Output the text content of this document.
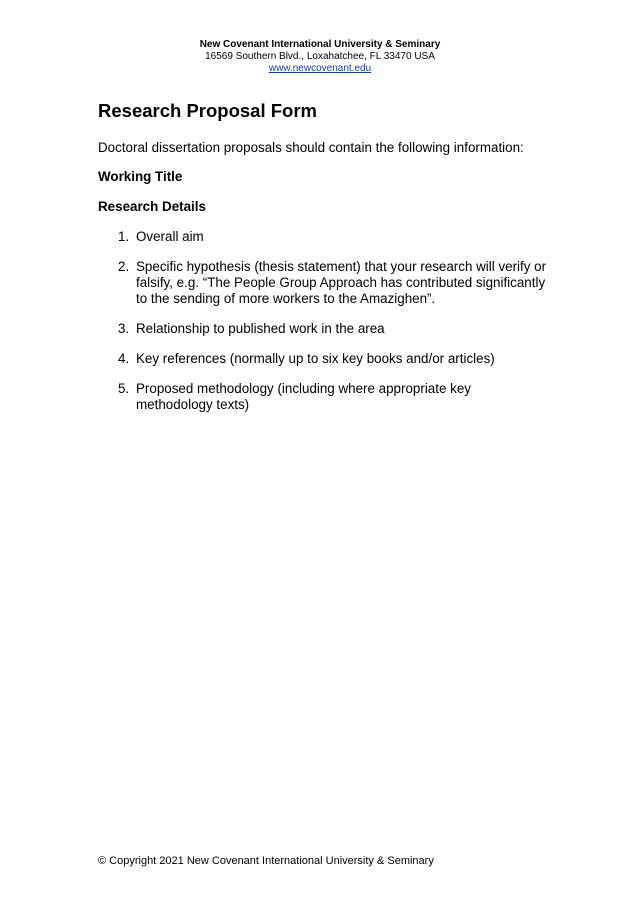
New Covenant International University & Seminary
16569 Southern Blvd., Loxahatchee, FL 33470 USA
www.newcovenant.edu
Research Proposal Form

Doctoral dissertation proposals should contain the following information:

Working Title

Research Details

1. Overall aim
2. Specific hypothesis (thesis statement) that your research will verify or falsify, e.g. “The People Group Approach has contributed significantly to the sending of more workers to the Amazighen”.
3. Relationship to published work in the area
4. Key references (normally up to six key books and/or articles)
5. Proposed methodology (including where appropriate key methodology texts)
© Copyright 2021 New Covenant International University & Seminary
